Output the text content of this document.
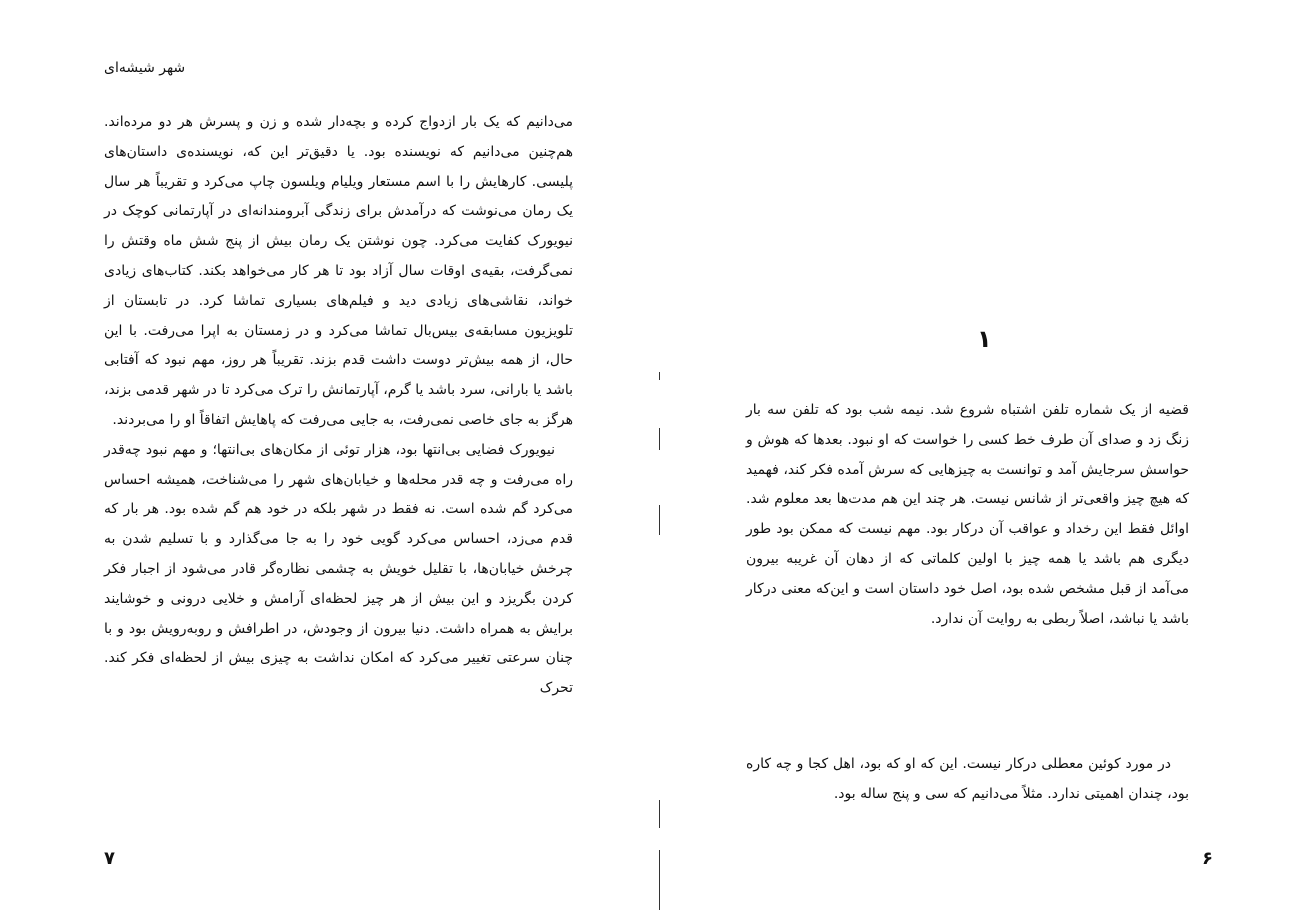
شهر شیشه‌ای

می‌دانیم که یک بار ازدواج کرده و بچه‌دار شده و زن و پسرش هر دو مرده‌اند. هم‌چنین می‌دانیم که نویسنده بود. یا دقیق‌تر این که، نویسنده‌ی داستان‌های پلیسی. کارهایش را با اسم مستعار ویلیام ویلسون چاپ می‌کرد و تقریباً هر سال یک رمان می‌نوشت که درآمدش برای زندگی آبرومندانه‌ای در آپارتمانی کوچک در نیویورک کفایت می‌کرد. چون نوشتن یک رمان بیش از پنج شش ماه وقتش را نمی‌گرفت، بقیه‌ی اوقات سال آزاد بود تا هر کار می‌خواهد بکند. کتاب‌های زیادی خواند، نقاشی‌های زیادی دید و فیلم‌های بسیاری تماشا کرد. در تابستان از تلویزیون مسابقه‌ی بیس‌بال تماشا می‌کرد و در زمستان به اپرا می‌رفت. با این حال، از همه بیش‌تر دوست داشت قدم بزند. تقریباً هر روز، مهم نبود که آفتابی باشد یا بارانی، سرد باشد یا گرم، آپارتمانش را ترک می‌کرد تا در شهر قدمی بزند، هرگز به جای خاصی نمی‌رفت، به جایی می‌رفت که پاهایش اتفاقاً او را می‌بردند.

نیویورک فضایی بی‌انتها بود، هزار توئی از مکان‌های بی‌انتها؛ و مهم نبود چه‌قدر راه می‌رفت و چه قدر محله‌ها و خیابان‌های شهر را می‌شناخت، همیشه احساس می‌کرد گم شده است. نه فقط در شهر بلکه در خود هم گم شده بود. هر بار که قدم می‌زد، احساس می‌کرد گویی خود را به جا می‌گذارد و با تسلیم شدن به چرخش خیابان‌ها، با تقلیل خویش به چشمی نظاره‌گر قادر می‌شود از اجبار فکر کردن بگریزد و این بیش از هر چیز لحظه‌ای آرامش و خلایی درونی و خوشایند برایش به همراه داشت. دنیا بیرون از وجودش، در اطرافش و روبه‌رویش بود و با چنان سرعتی تغییر می‌کرد که امکان نداشت به چیزی بیش از لحظه‌ای فکر کند. تحرک

۷
۱

قضیه از یک شماره تلفن اشتباه شروع شد. نیمه شب بود که تلفن سه بار زنگ زد و صدای آن طرف خط کسی را خواست که او نبود. بعدها که هوش و حواسش سرجایش آمد و توانست به چیزهایی که سرش آمده فکر کند، فهمید که هیچ چیز واقعی‌تر از شانس نیست. هر چند این هم مدت‌ها بعد معلوم شد. اوائل فقط این رخداد و عواقب آن درکار بود. مهم نیست که ممکن بود طور دیگری هم باشد یا همه چیز با اولین کلماتی که از دهان آن غریبه بیرون می‌آمد از قبل مشخص شده بود، اصل خود داستان است و این‌که معنی درکار باشد یا نباشد، اصلاً ربطی به روایت آن ندارد.

در مورد کوئین معطلی درکار نیست. این که او که بود، اهل کجا و چه کاره بود، چندان اهمیتی ندارد. مثلاً می‌دانیم که سی و پنج ساله بود.

۶
